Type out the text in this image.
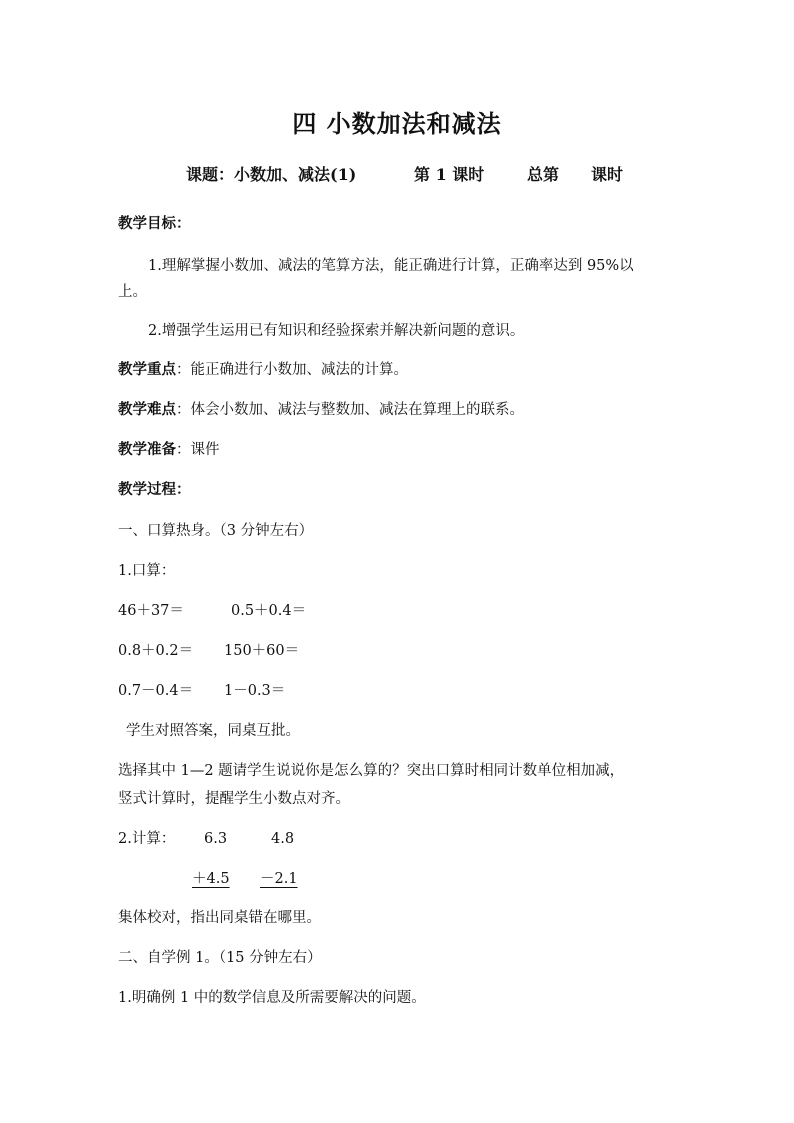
四 小数加法和减法
课题：小数加、减法(1)	第 1 课时	总第 课时
教学目标：
1.理解掌握小数加、减法的笔算方法，能正确进行计算，正确率达到 95%以
上。
2.增强学生运用已有知识和经验探索并解决新问题的意识。
教学重点：能正确进行小数加、减法的计算。
教学难点：体会小数加、减法与整数加、减法在算理上的联系。
教学准备：课件
教学过程：
一、口算热身。（3 分钟左右）
1.口算：
46＋37＝	0.5＋0.4＝
0.8＋0.2＝ 150＋60＝
0.7－0.4＝ 1－0.3＝
学生对照答案，同桌互批。
选择其中 1—2 题请学生说说你是怎么算的？突出口算时相同计数单位相加减，
竖式计算时，提醒学生小数点对齐。
2.计算： 6.3	4.8
＋4.5 －2.1
集体校对，指出同桌错在哪里。
二、自学例 1。（15 分钟左右）
1.明确例 1 中的数学信息及所需要解决的问题。
